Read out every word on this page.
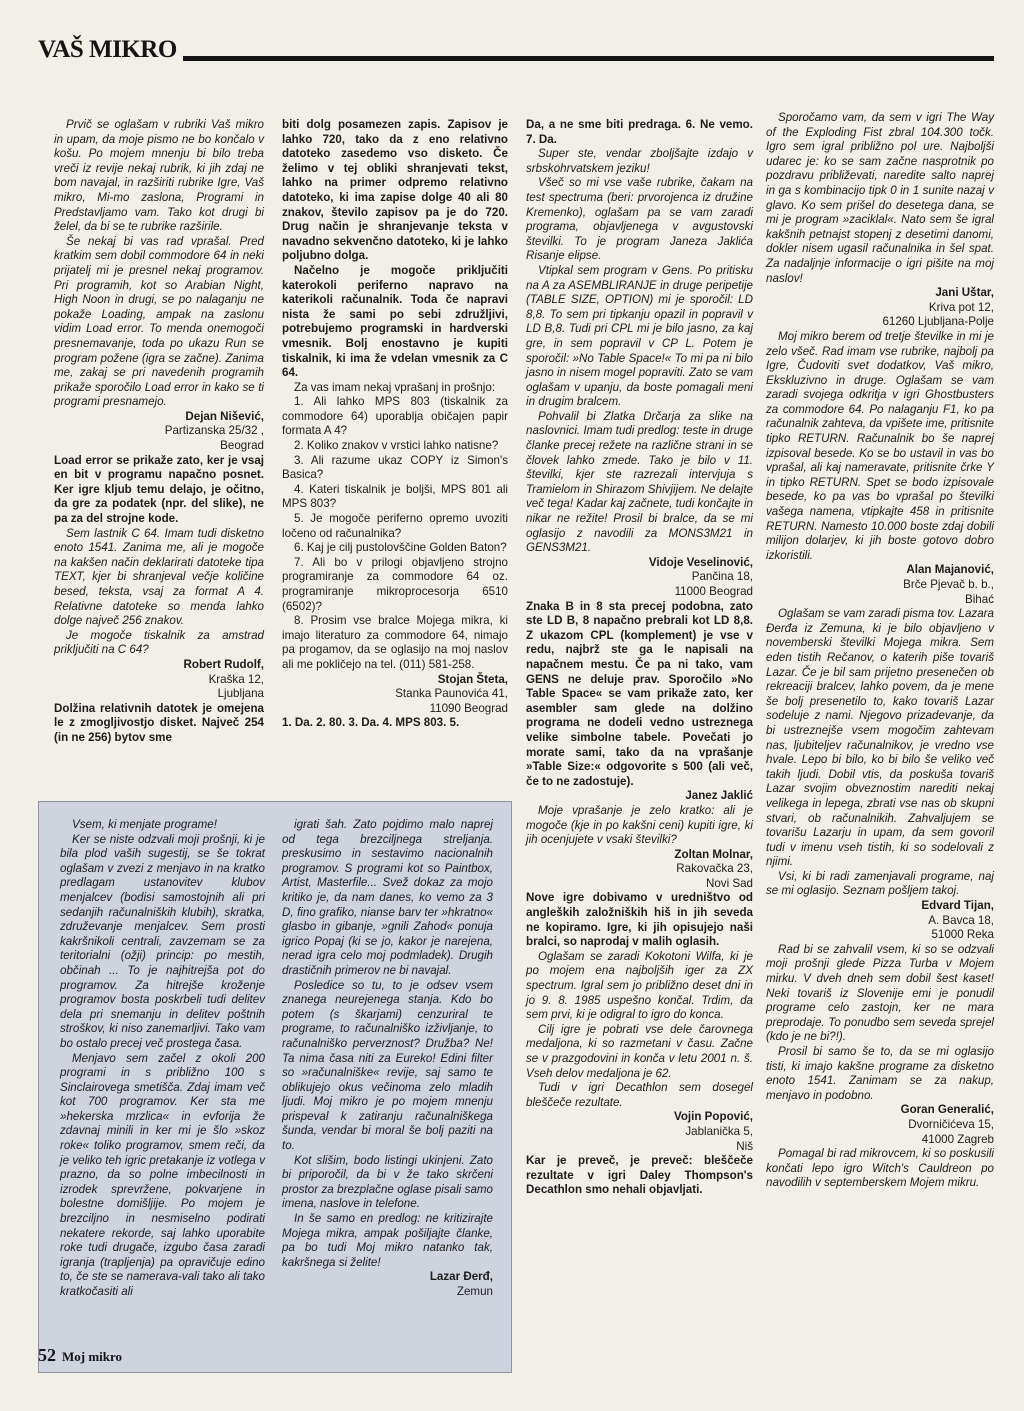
VAŠ MIKRO

Prvič se oglašam v rubriki Vaš mikro in upam, da moje pismo ne bo končalo v košu. Po mojem mnenju bi bilo treba vreči iz revije nekaj rubrik, ki jih zdaj ne bom navajal, in razširiti rubrike Igre, Vaš mikro, Mi-mo zaslona, Programi in Predstavljamo vam. Tako kot drugi bi želel, da bi se te rubrike razširile.

Še nekaj bi vas rad vprašal. Pred kratkim sem dobil commodore 64 in neki prijatelj mi je presnel nekaj programov. Pri programih, kot so Arabian Night, High Noon in drugi, se po nalaganju ne pokaže Loading, ampak na zaslonu vidim Load error. To menda onemogoči presnemavanje, toda po ukazu Run se program požene (igra se začne). Zanima me, zakaj se pri navedenih programih prikaže sporočilo Load error in kako se ti programi presnamejo.

Dejan Nišević,
Partizanska 25/32 ,
Beograd

Load error se prikaže zato, ker je vsaj en bit v programu napačno posnet. Ker igre kljub temu delajo, je očitno, da gre za podatek (npr. del slike), ne pa za del strojne kode.

Sem lastnik C 64. Imam tudi disketno enoto 1541. Zanima me, ali je mogoče na kakšen način deklarirati datoteke tipa TEXT, kjer bi shranjeval večje količine besed, teksta, vsaj za format A 4. Relativne datoteke so menda lahko dolge največ 256 znakov.

Je mogoče tiskalnik za amstrad priključiti na C 64?

Robert Rudolf,
Kraška 12,
Ljubljana

Dolžina relativnih datotek je omejena le z zmogljivostjo disket. Največ 254 (in ne 256) bytov sme

biti dolg posamezen zapis. Zapisov je lahko 720, tako da z eno relativno datoteko zasedemo vso disketo. Če želimo v tej obliki shranjevati tekst, lahko na primer odpremo relativno datoteko, ki ima zapise dolge 40 ali 80 znakov, število zapisov pa je do 720. Drug način je shranjevanje teksta v navadno sekvenčno datoteko, ki je lahko poljubno dolga.

Načelno je mogoče priključiti katerokoli periferno napravo na katerikoli računalnik. Toda če napravi nista že sami po sebi združljivi, potrebujemo programski in hardverski vmesnik. Bolj enostavno je kupiti tiskalnik, ki ima že vdelan vmesnik za C 64.

Za vas imam nekaj vprašanj in prošnjo:

1. Ali lahko MPS 803 (tiskalnik za commodore 64) uporablja običajen papir formata A 4?

2. Koliko znakov v vrstici lahko natisne?

3. Ali razume ukaz COPY iz Simon's Basica?

4. Kateri tiskalnik je boljši, MPS 801 ali MPS 803?

5. Je mogoče periferno opremo uvoziti ločeno od računalnika?

6. Kaj je cilj pustolovščine Golden Baton?

7. Ali bo v prilogi objavljeno strojno programiranje za commodore 64 oz. programiranje mikroprocesorja 6510 (6502)?

8. Prosim vse bralce Mojega mikra, ki imajo literaturo za commodore 64, nimajo pa progamov, da se oglasijo na moj naslov ali me pokličejo na tel. (011) 581-258.

Stojan Šteta,
Stanka Paunovića 41,
11090 Beograd

1. Da. 2. 80. 3. Da. 4. MPS 803. 5.

Da, a ne sme biti predraga. 6. Ne vemo. 7. Da.

Super ste, vendar zboljšajte izdajo v srbskohrvatskem jeziku!

Všeč so mi vse vaše rubrike, čakam na test spectruma (beri: prvorojenca iz družine Kremenko), oglašam pa se vam zaradi programa, objavljenega v avgustovski številki. To je program Janeza Jaklića Risanje elipse.

Vtipkal sem program v Gens. Po pritisku na A za ASEMBLIRANJE in druge peripetije (TABLE SIZE, OPTION) mi je sporočil: LD 8,8. To sem pri tipkanju opazil in popravil v LD B,8. Tudi pri CPL mi je bilo jasno, za kaj gre, in sem popravil v CP L. Potem je sporočil: »No Table Space!« To mi pa ni bilo jasno in nisem mogel popraviti. Zato se vam oglašam v upanju, da boste pomagali meni in drugim bralcem.

Pohvalil bi Zlatka Drčarja za slike na naslovnici. Imam tudi predlog: teste in druge članke precej režete na različne strani in se človek lahko zmede. Tako je bilo v 11. številki, kjer ste razrezali intervjuja s Tramielom in Shirazom Shivjijem. Ne delajte več tega! Kadar kaj začnete, tudi končajte in nikar ne režite! Prosil bi bralce, da se mi oglasijo z navodili za MONS3M21 in GENS3M21.

Vidoje Veselinović,
Pančina 18,
11000 Beograd

Znaka B in 8 sta precej podobna, zato ste LD B, 8 napačno prebrali kot LD 8,8. Z ukazom CPL (komplement) je vse v redu, najbrž ste ga le napisali na napačnem mestu. Če pa ni tako, vam GENS ne deluje prav. Sporočilo »No Table Space« se vam prikaže zato, ker asembler sam glede na dolžino programa ne dodeli vedno ustreznega velike simbolne tabele. Povečati jo morate sami, tako da na vprašanje »Table Size:« odgovorite s 500 (ali več, če to ne zadostuje).

Janez Jaklić

Moje vprašanje je zelo kratko: ali je mogoče (kje in po kakšni ceni) kupiti igre, ki jih ocenjujete v vsaki številki?

Zoltan Molnar,
Rakovačka 23,
Novi Sad

Nove igre dobivamo v uredništvo od angleških založniških hiš in jih seveda ne kopiramo. Igre, ki jih opisujejo naši bralci, so naprodaj v malih oglasih.

Oglašam se zaradi Kokotoni Wilfa, ki je po mojem ena najboljših iger za ZX spectrum. Igral sem jo približno deset dni in jo 9. 8. 1985 uspešno končal. Trdim, da sem prvi, ki je odigral to igro do konca.

Cilj igre je pobrati vse dele čarovnega medaljona, ki so razmetani v času. Začne se v prazgodovini in konča v letu 2001 n. š. Vseh delov medaljona je 62.

Tudi v igri Decathlon sem dosegel bleščeče rezultate.

Vojin Popović,
Jablanička 5,
Niš

Kar je preveč, je preveč: bleščeče rezultate v igri Daley Thompson's Decathlon smo nehali objavljati.

Sporočamo vam, da sem v igri The Way of the Exploding Fist zbral 104.300 točk. Igro sem igral približno pol ure. Najboljši udarec je: ko se sam začne nasprotnik po pozdravu približevati, naredite salto naprej in ga s kombinacijo tipk 0 in 1 sunite nazaj v glavo. Ko sem prišel do desetega dana, se mi je program »zaciklal«. Nato sem še igral kakšnih petnajst stopenj z desetimi danomi, dokler nisem ugasil računalnika in šel spat. Za nadaljnje informacije o igri pišite na moj naslov!

Jani Uštar,
Kriva pot 12,
61260 Ljubljana-Polje

Moj mikro berem od tretje številke in mi je zelo všeč. Rad imam vse rubrike, najbolj pa Igre, Čudoviti svet dodatkov, Vaš mikro, Ekskluzivno in druge. Oglašam se vam zaradi svojega odkritja v igri Ghostbusters za commodore 64. Po nalaganju F1, ko pa računalnik zahteva, da vpišete ime, pritisnite tipko RETURN. Računalnik bo še naprej izpisoval besede. Ko se bo ustavil in vas bo vprašal, ali kaj nameravate, pritisnite črke Y in tipko RETURN. Spet se bodo izpisovale besede, ko pa vas bo vprašal po številki vašega namena, vtipkajte 458 in pritisnite RETURN. Namesto 10.000 boste zdaj dobili milijon dolarjev, ki jih boste gotovo dobro izkoristili.

Alan Majanović,
Brče Pjevač b. b.,
Bihać

Oglašam se vam zaradi pisma tov. Lazara Đerđa iz Zemuna, ki je bilo objavljeno v novemberski številki Mojega mikra. Sem eden tistih Rečanov, o katerih piše tovariš Lazar. Če je bil sam prijetno presenečen ob rekreaciji bralcev, lahko povem, da je mene še bolj presenetilo to, kako tovariš Lazar sodeluje z nami. Njegovo prizadevanje, da bi ustreznejše vsem mogočim zahtevam nas, ljubiteljev računalnikov, je vredno vse hvale. Lepo bi bilo, ko bi bilo še veliko več takih ljudi. Dobil vtis, da poskuša tovariš Lazar svojim obveznostim narediti nekaj velikega in lepega, zbrati vse nas ob skupni stvari, ob računalnikih. Zahvaljujem se tovarišu Lazarju in upam, da sem govoril tudi v imenu vseh tistih, ki so sodelovali z njimi.

Vsi, ki bi radi zamenjavali programe, naj se mi oglasijo. Seznam pošljem takoj.

Edvard Tijan,
A. Bavca 18,
51000 Reka

Rad bi se zahvalil vsem, ki so se odzvali moji prošnji glede Pizza Turba v Mojem mirku. V dveh dneh sem dobil šest kaset! Neki tovariš iz Slovenije emi je ponudil programe celo zastojn, ker ne mara preprodaje. To ponudbo sem seveda sprejel (kdo je ne bi?!).

Prosil bi samo še to, da se mi oglasijo tisti, ki imajo kakšne programe za disketno enoto 1541. Zanimam se za nakup, menjavo in podobno.

Goran Generalić,
Dvorničićeva 15,
41000 Zagreb

Pomagal bi rad mikrovcem, ki so poskusili končati lepo igro Witch's Cauldreon po navodilih v septemberskem Mojem mikru.

Vsem, ki menjate programe!

Ker se niste odzvali moji prošnji, ki je bila plod vaših sugestij, se še tokrat oglašam v zvezi z menjavo in na kratko predlagam ustanovitev klubov menjalcev (bodisi samostojnih ali pri sedanjih računalniških klubih), skratka, združevanje menjalcev. Sem prosti kakršnikoli centrali, zavzemam se za teritorialni (ožji) princip: po mestih, občinah ... To je najhitrejša pot do programov. Za hitrejše kroženje programov bosta poskrbeli tudi delitev dela pri snemanju in delitev poštnih stroškov, ki niso zanemarljivi. Tako vam bo ostalo precej več prostega časa.

Menjavo sem začel z okoli 200 programi in s približno 100 s Sinclairovega smetišča. Zdaj imam več kot 700 programov. Ker sta me »hekerska mrzlica« in evforija že zdavnaj minili in ker mi je šlo »skoz roke« toliko programov, smem reči, da je veliko teh igric pretakanje iz votlega v prazno, da so polne imbecilnosti in izrodek sprevržene, pokvarjene in bolestne domišljije. Po mojem je brezciljno in nesmiselno podirati nekatere rekorde, saj lahko uporabite roke tudi drugače, izgubo časa zaradi igranja (trapljenja) pa opravičuje edino to, če ste se namerava-vali tako ali tako kratkočasiti ali

igrati šah. Zato pojdimo malo naprej od tega brezciljnega streljanja. preskusimo in sestavimo nacionalnih programov. S programi kot so Paintbox, Artist, Masterfile... Svež dokaz za mojo kritiko je, da nam danes, ko vemo za 3 D, fino grafiko, nianse barv ter »hkratno« glasbo in gibanje, »gnili Zahod« ponuja igrico Popaj (ki se jo, kakor je narejena, nerad igra celo moj podmladek). Drugih drastičnih primerov ne bi navajal.

Posledice so tu, to je odsev vsem znanega neurejenega stanja. Kdo bo potem (s škarjami) cenzuriral te programe, to računalniško izživljanje, to računalniško perverznost? Družba? Ne! Ta nima časa niti za Eureko! Edini filter so »računalniške« revije, saj samo te oblikujejo okus večinoma zelo mladih ljudi. Moj mikro je po mojem mnenju prispeval k zatiranju računalniškega šunda, vendar bi moral še bolj paziti na to.

Kot slišim, bodo listingi ukinjeni. Zato bi priporočil, da bi v že tako skrčeni prostor za brezplačne oglase pisali samo imena, naslove in telefone.

In še samo en predlog: ne kritizirajte Mojega mikra, ampak pošiljajte članke, pa bo tudi Moj mikro natanko tak, kakršnega si želite!

Lazar Đerđ,
Zemun

52 Moj mikro
